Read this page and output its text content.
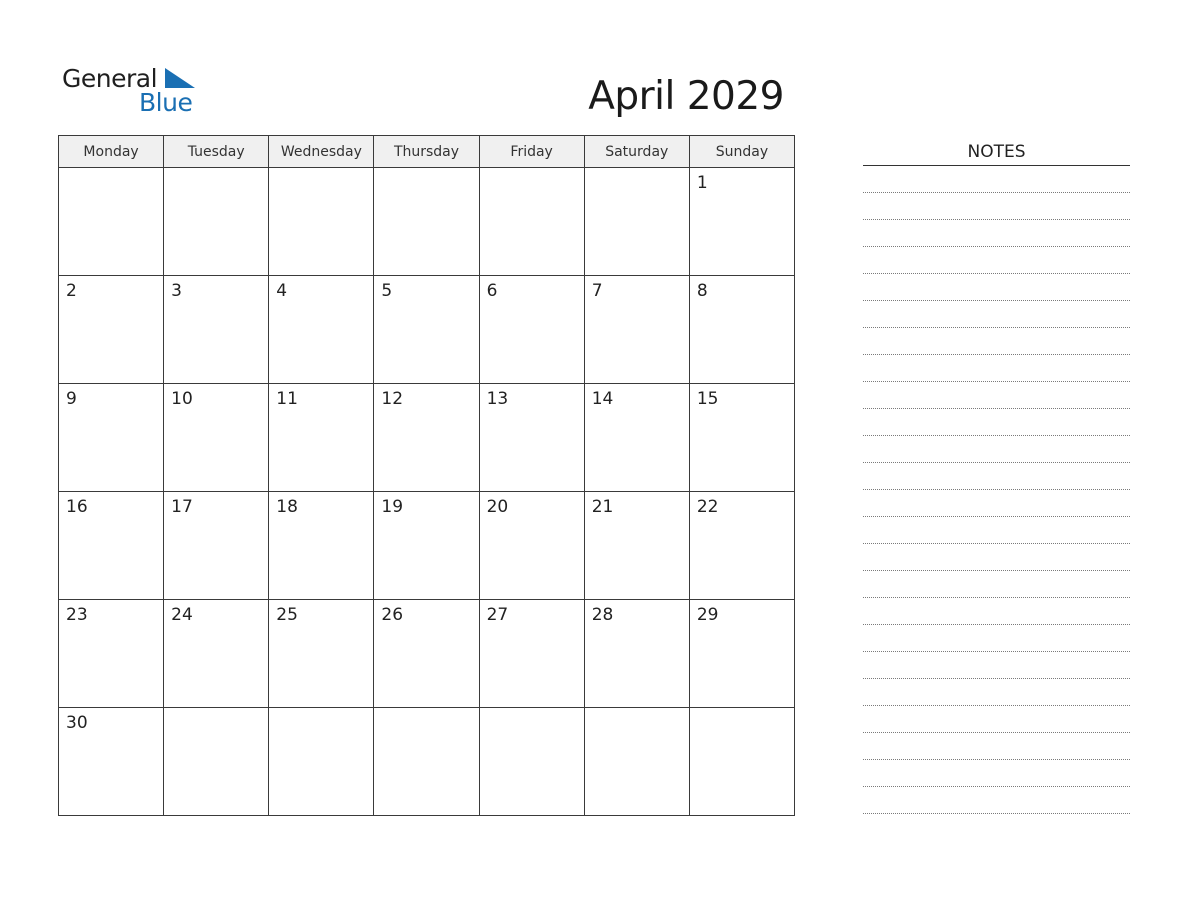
General
Blue	April 2029
Monday	Tuesday	Wednesday	Thursday	Friday	Saturday	Sunday

						1

2	3	4	5	6	7	8

9	10	11	12	13	14	15

16	17	18	19	20	21	22

23	24	25	26	27	28	29

30						

NOTES
